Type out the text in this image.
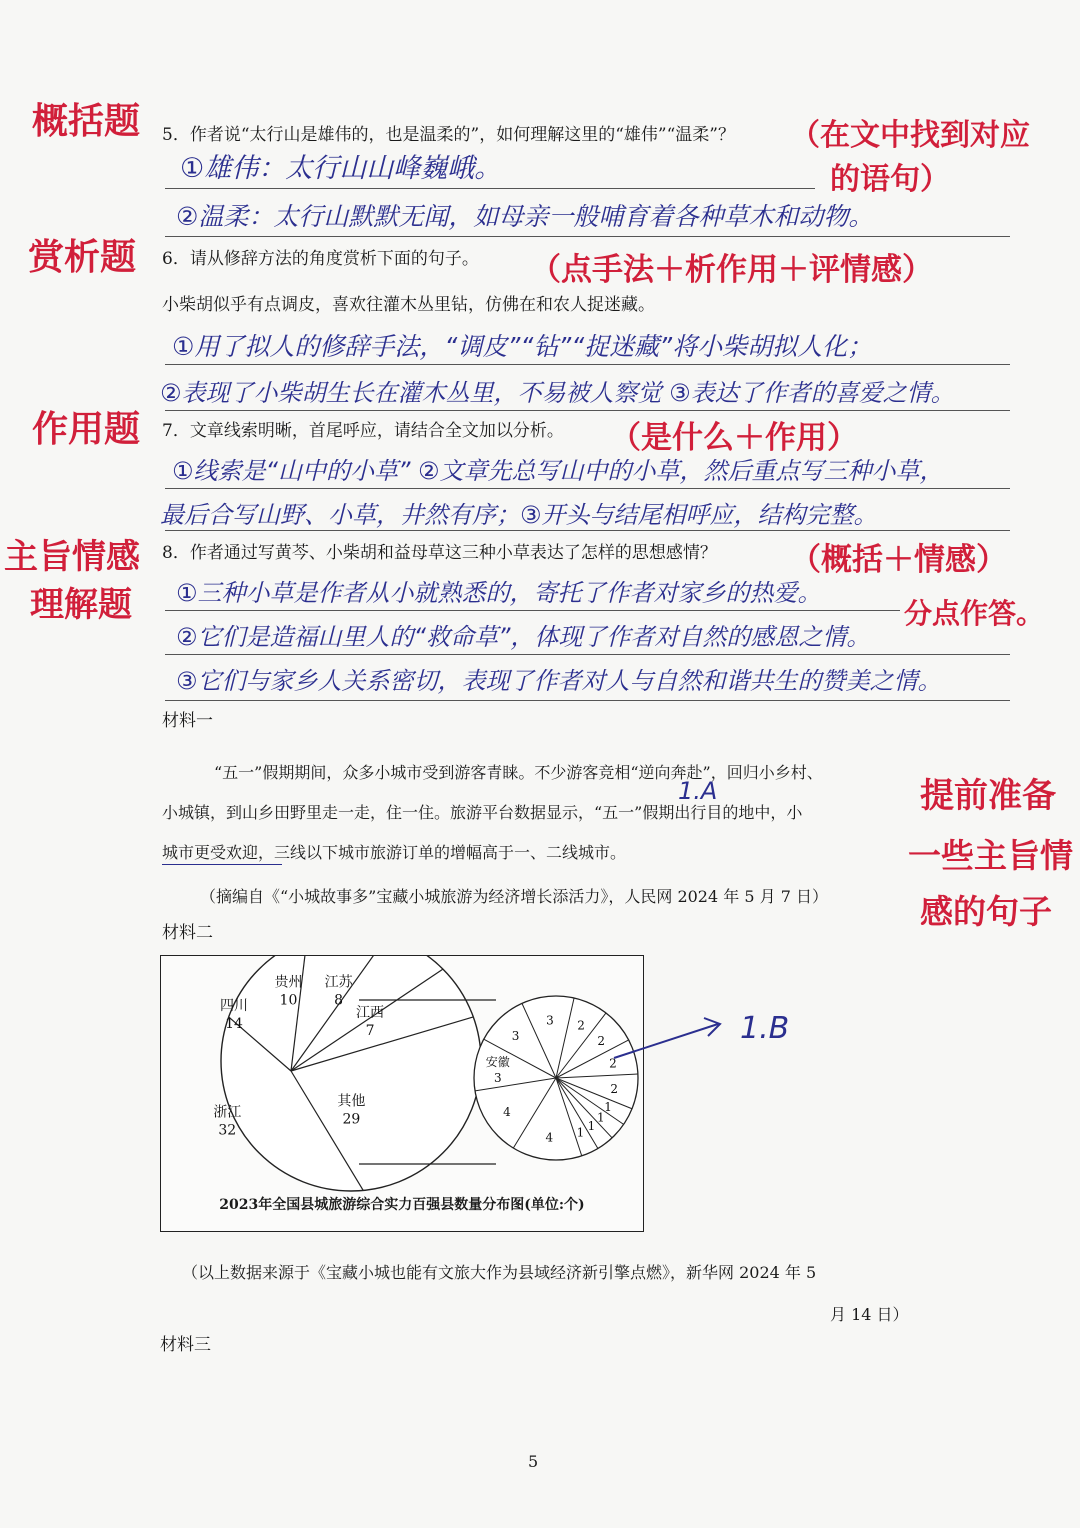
概括题
赏析题
作用题
主旨情感
理解题
5．作者说“太行山是雄伟的，也是温柔的”，如何理解这里的“雄伟”“温柔”？ （在文中找到对应
的语句）
①雄伟：太行山山峰巍峨。
②温柔：太行山默默无闻，如母亲一般哺育着各种草木和动物。
6．请从修辞方法的角度赏析下面的句子。 （点手法＋析作用＋评情感）
小柴胡似乎有点调皮，喜欢往灌木丛里钻，仿佛在和农人捉迷藏。
①用了拟人的修辞手法，“调皮”“钻”“捉迷藏”将小柴胡拟人化；
②表现了小柴胡生长在灌木丛里，不易被人察觉 ③表达了作者的喜爱之情。
7．文章线索明晰，首尾呼应，请结合全文加以分析。 （是什么＋作用）
①线索是“山中的小草” ②文章先总写山中的小草，然后重点写三种小草，
最后合写山野、小草，井然有序；③开头与结尾相呼应，结构完整。
8．作者通过写黄芩、小柴胡和益母草这三种小草表达了怎样的思想感情？ （概括＋情感）
①三种小草是作者从小就熟悉的，寄托了作者对家乡的热爱。
分点作答。
②它们是造福山里人的“救命草”，体现了作者对自然的感恩之情。
③它们与家乡人关系密切，表现了作者对人与自然和谐共生的赞美之情。
材料一
“五一”假期期间，众多小城市受到游客青睐。不少游客竞相“逆向奔赴”，回归小乡村、
1.A
小城镇，到山乡田野里走一走，住一住。旅游平台数据显示，“五一”假期出行目的地中，小
城市更受欢迎，三线以下城市旅游订单的增幅高于一、二线城市。
（摘编自《“小城故事多”宝藏小城旅游为经济增长添活力》，人民网 2024 年 5 月 7 日）
提前准备
一些主旨情
感的句子
材料二
浙江
32
四川
14
贵州
10
江苏
8
江西
7
其他
29
安徽
3
3
3 2
2
2
2
1
1
1
1
4
4
2023年全国县城旅游综合实力百强县数量分布图(单位:个)
1.B
（以上数据来源于《宝藏小城也能有文旅大作为县域经济新引擎点燃》，新华网 2024 年 5
月 14 日）
材料三
5
